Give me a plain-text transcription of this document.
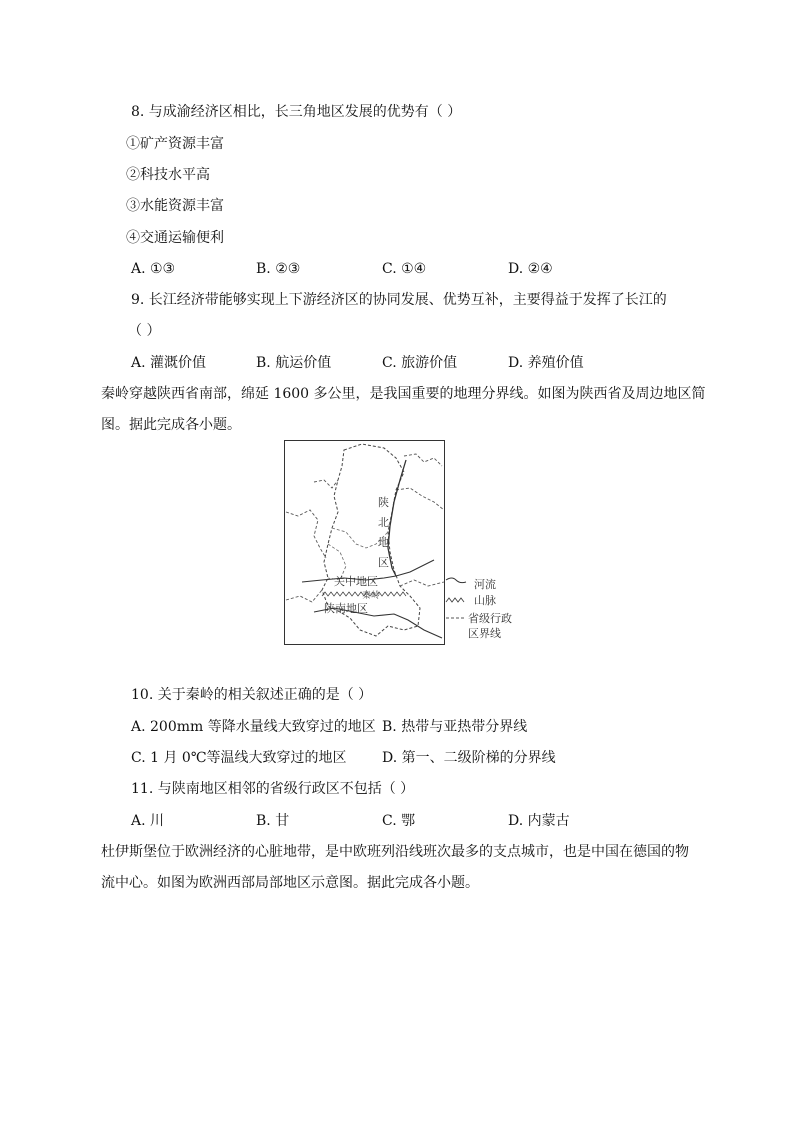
8. 与成渝经济区相比，长三角地区发展的优势有（ ）
①矿产资源丰富
②科技水平高
③水能资源丰富
④交通运输便利
A. ①③	B. ②③	C. ①④	D. ②④
9. 长江经济带能够实现上下游经济区的协同发展、优势互补，主要得益于发挥了长江的
（ ）
A. 灌溉价值	B. 航运价值	C. 旅游价值	D. 养殖价值
秦岭穿越陕西省南部，绵延 1600 多公里，是我国重要的地理分界线。如图为陕西省及周边地区简
图。据此完成各小题。
陕
北
地
区
关中地区
秦岭
陕南地区
河流
山脉
省级行政
区界线
10. 关于秦岭的相关叙述正确的是（ ）
A. 200mm 等降水量线大致穿过的地区 B. 热带与亚热带分界线
C. 1 月 0℃等温线大致穿过的地区	D. 第一、二级阶梯的分界线
11. 与陕南地区相邻的省级行政区不包括（ ）
A. 川	B. 甘	C. 鄂	D. 内蒙古
杜伊斯堡位于欧洲经济的心脏地带，是中欧班列沿线班次最多的支点城市，也是中国在德国的物
流中心。如图为欧洲西部局部地区示意图。据此完成各小题。
